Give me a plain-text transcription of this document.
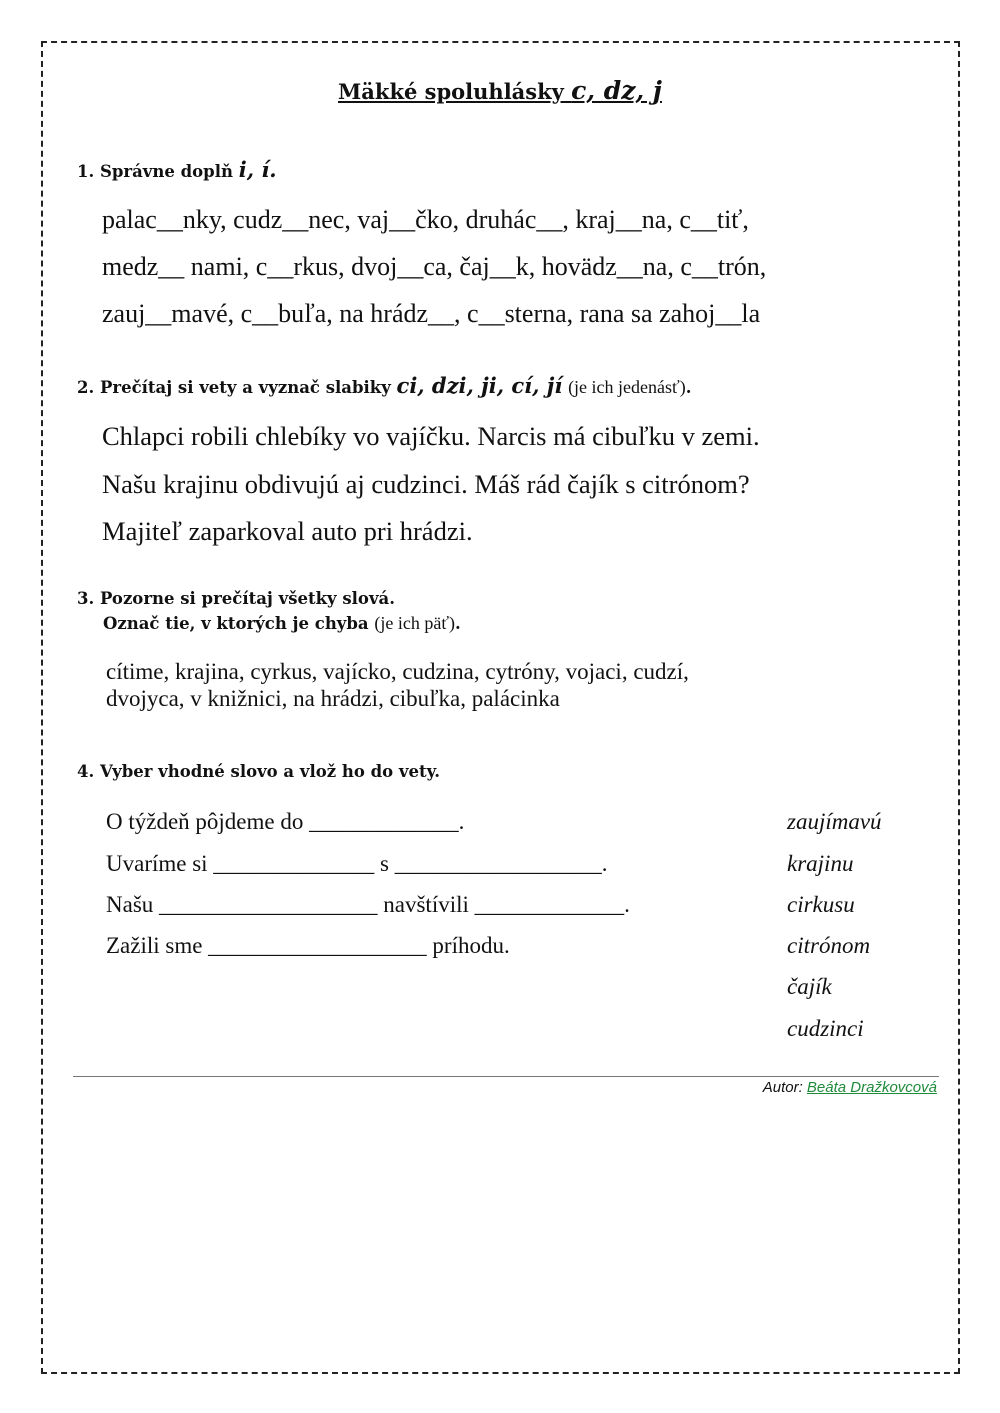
Mäkké spoluhlásky c, dz, j
1. Správne doplň i, í.
palac__nky, cudz__nec, vaj__čko, druhác__, kraj__na, c__tiť,
medz__ nami, c__rkus, dvoj__ca, čaj__k, hovädz__na, c__trón,
zauj__mavé, c__buľa, na hrádz__, c__sterna, rana sa zahoj__la
2. Prečítaj si vety a vyznač slabiky ci, dzi, ji, cí, jí (je ich jedenásť).
Chlapci robili chlebíky vo vajíčku. Narcis má cibuľku v zemi.
Našu krajinu obdivujú aj cudzinci. Máš rád čajík s citrónom?
Majiteľ zaparkoval auto pri hrádzi.
3. Pozorne si prečítaj všetky slová.
Označ tie, v ktorých je chyba (je ich päť).
cítime, krajina, cyrkus, vajícko, cudzina, cytróny, vojaci, cudzí,
dvojyca, v knižnici, na hrádzi, cibuľka, palácinka
4. Vyber vhodné slovo a vlož ho do vety.
O týždeň pôjdeme do _____________.
Uvaríme si ______________ s __________________.
Našu ___________________ navštívili _____________.
Zažili sme ___________________ príhodu.
zaujímavú
krajinu
cirkusu
citrónom
čajík
cudzinci
Autor: Beáta Dražkovcová
